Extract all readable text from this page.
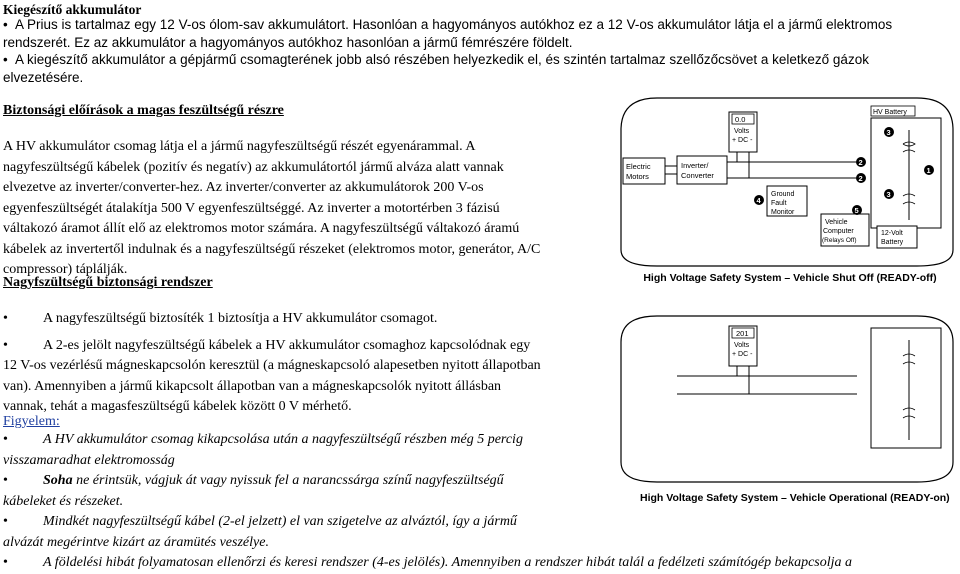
Kiegészítő akkumulátor
• A Prius is tartalmaz egy 12 V-os ólom-sav akkumulátort. Hasonlóan a hagyományos autókhoz ez a 12 V-os akkumulátor látja el a jármű elektromos
rendszerét. Ez az akkumulátor a hagyományos autókhoz hasonlóan a jármű fémrészére földelt.
• A kiegészítő akkumulátor a gépjármű csomagterének jobb alsó részében helyezkedik el, és szintén tartalmaz szellőzőcsövet a keletkező gázok
elvezetésére.
Biztonsági előírások a magas feszültségű részre
A HV akkumulátor csomag látja el a jármű nagyfeszültségű részét egyenárammal. A
nagyfeszültségű kábelek (pozitív és negatív) az akkumulátortól jármű alváza alatt vannak
elvezetve az inverter/converter-hez. Az inverter/converter az akkumulátorok 200 V-os
egyenfeszültségét átalakítja 500 V egyenfeszültséggé. Az inverter a motortérben 3 fázisú
váltakozó áramot állít elő az elektromos motor számára. A nagyfeszültségű váltakozó áramú
kábelek az invertertől indulnak és a nagyfeszültségű részeket (elektromos motor, generátor, A/C
compressor) táplálják.
Nagyfszültségű biztonsági rendszer
•	A nagyfeszültségű biztosíték 1 biztosítja a HV akkumulátor csomagot.
•	A 2-es jelölt nagyfeszültségű kábelek a HV akkumulátor csomaghoz kapcsolódnak egy
12 V-os vezérlésű mágneskapcsolón keresztül (a mágneskapcsoló alapesetben nyitott állapotban
van). Amennyiben a jármű kikapcsolt állapotban van a mágneskapcsolók nyitott állásban
vannak, tehát a magasfeszültségű kábelek között 0 V mérhető.
Figyelem:
•	A HV akkumulátor csomag kikapcsolása után a nagyfeszültségű részben még 5 percig
visszamaradhat elektromosság
•	Soha ne érintsük, vágjuk át vagy nyissuk fel a narancssárga színű nagyfeszültségű
kábeleket és részeket.
•	Mindkét nagyfeszültségű kábel (2-el jelzett) el van szigetelve az alváztól, így a jármű
alvázát megérintve kizárt az áramütés veszélye.
•	A földelési hibát folyamatosan ellenőrzi és keresi rendszer (4-es jelölés). Amennyiben a rendszer hibát talál a fedélzeti számítógép bekapcsolja a
Electric
Motors
Inverter/
Converter
0.0
Volts
+ DC -
HV Battery
Ground
Fault
Monitor
Vehicle
Computer
(Relays Off)
12-Volt
Battery
3
2
1
2
3
4
5
High Voltage Safety System – Vehicle Shut Off (READY-off)
201
Volts
+ DC -
High Voltage Safety System – Vehicle Operational (READY-on)
